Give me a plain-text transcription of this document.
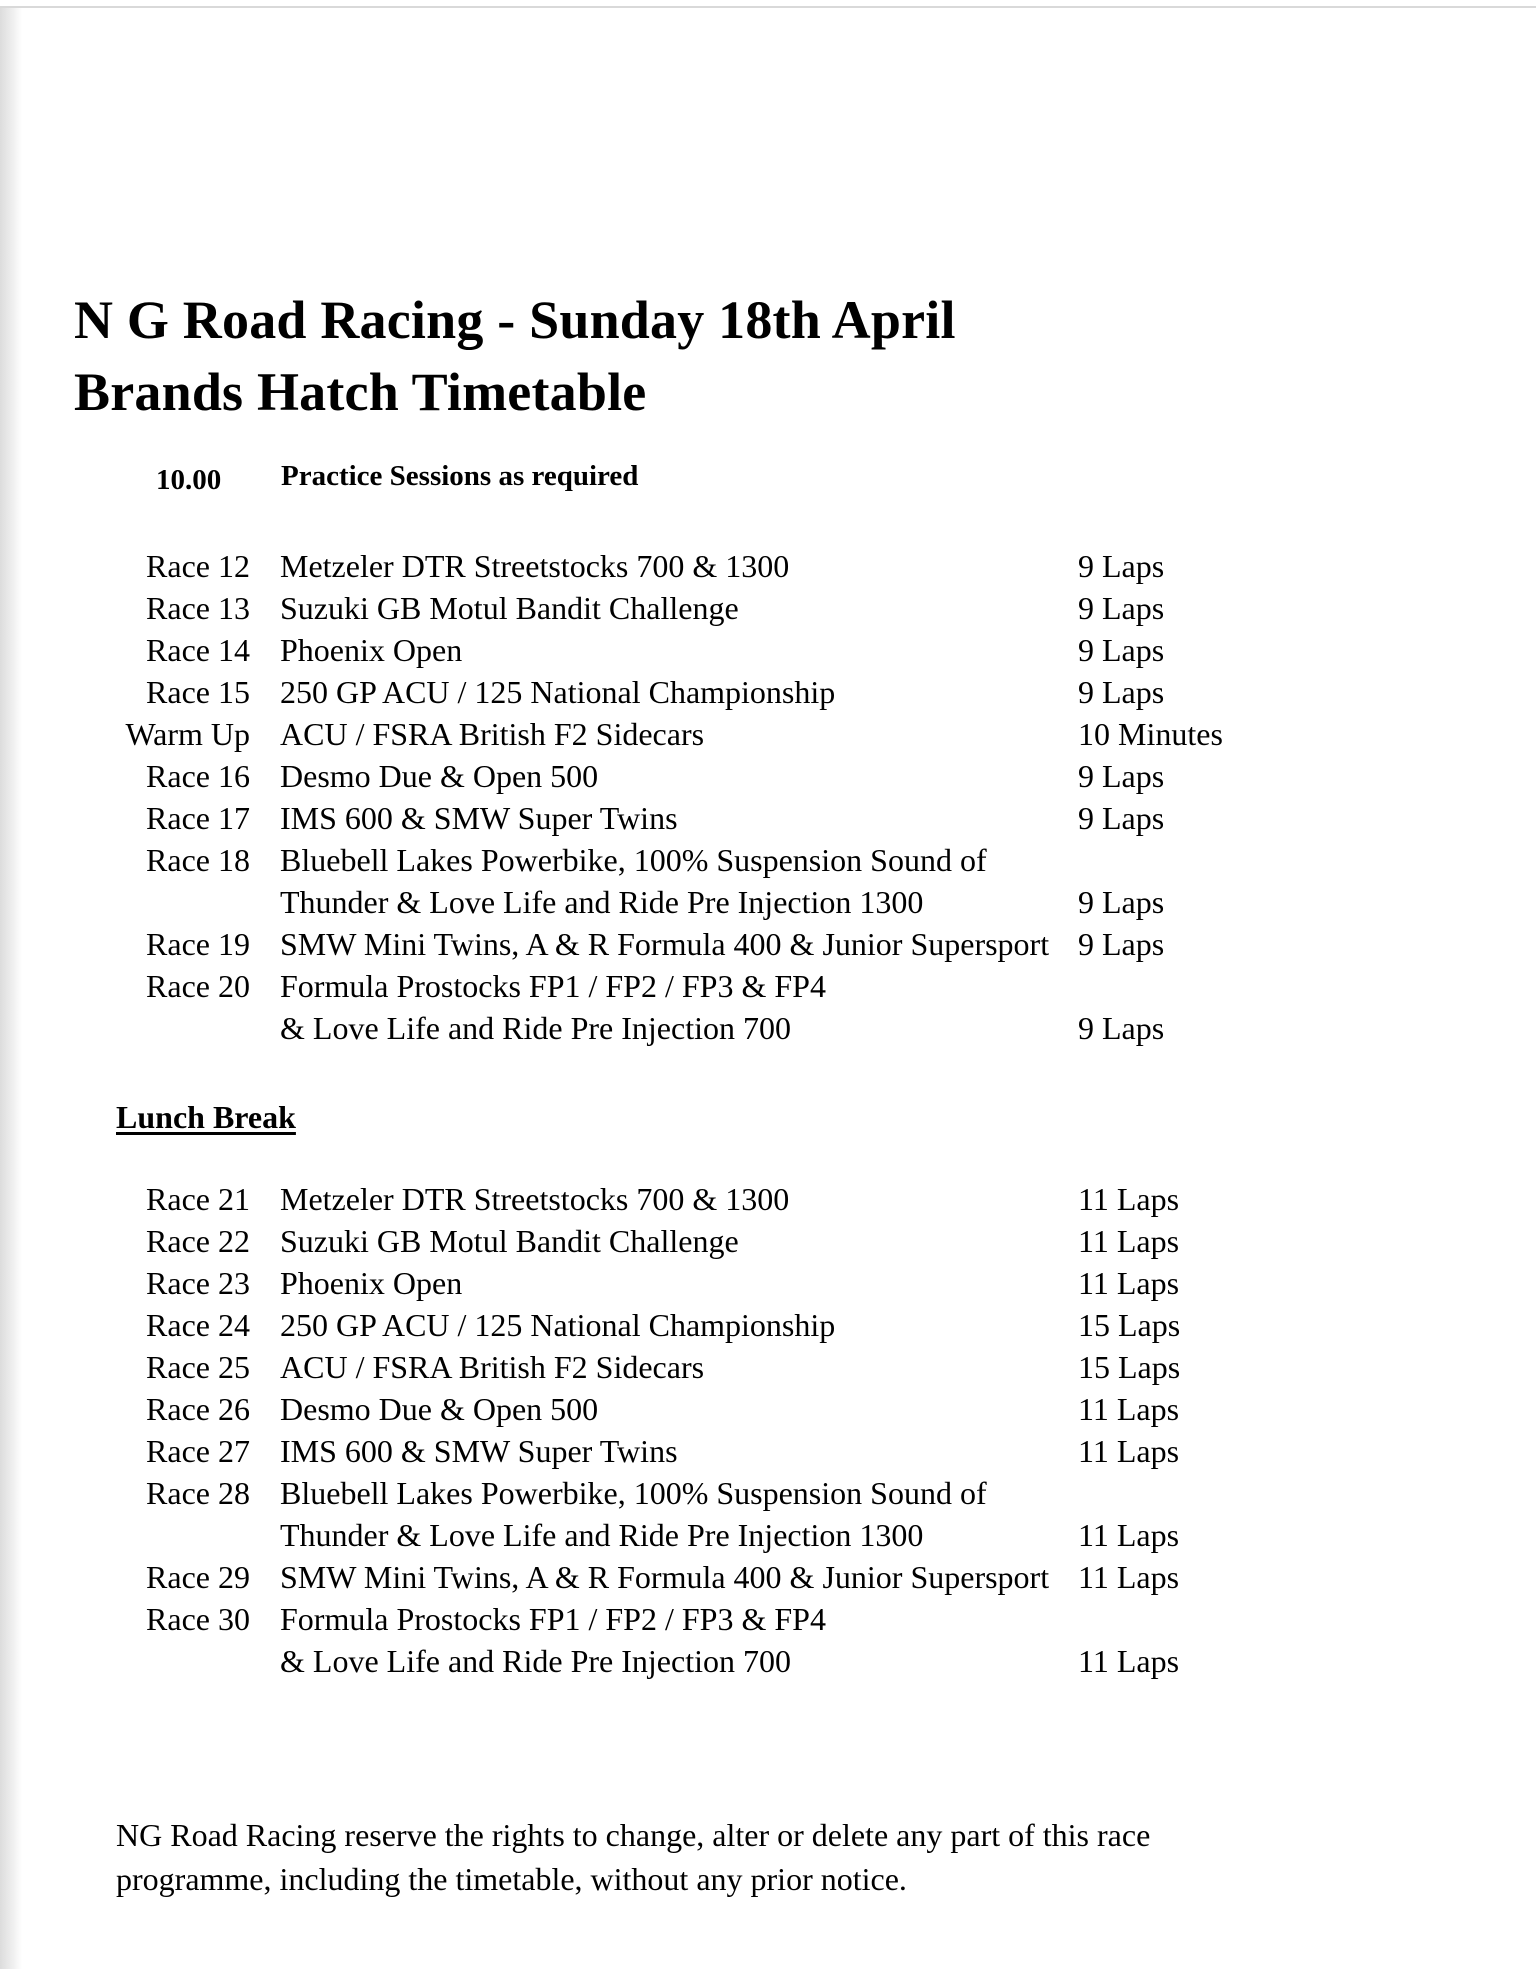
N G Road Racing - Sunday 18th April
Brands Hatch Timetable
10.00 Practice Sessions as required
Race 12 Metzeler DTR Streetstocks 700 & 1300	9 Laps
Race 13 Suzuki GB Motul Bandit Challenge	9 Laps
Race 14 Phoenix Open	9 Laps
Race 15 250 GP ACU / 125 National Championship	9 Laps
Warm Up ACU / FSRA British F2 Sidecars	10 Minutes
Race 16 Desmo Due & Open 500	9 Laps
Race 17 IMS 600 & SMW Super Twins	9 Laps
Race 18 Bluebell Lakes Powerbike, 100% Suspension Sound of
Thunder & Love Life and Ride Pre Injection 1300	9 Laps
Race 19 SMW Mini Twins, A & R Formula 400 & Junior Supersport 9 Laps
Race 20 Formula Prostocks FP1 / FP2 / FP3 & FP4
& Love Life and Ride Pre Injection 700	9 Laps
Lunch Break
Race 21 Metzeler DTR Streetstocks 700 & 1300	11 Laps
Race 22 Suzuki GB Motul Bandit Challenge	11 Laps
Race 23 Phoenix Open	11 Laps
Race 24 250 GP ACU / 125 National Championship	15 Laps
Race 25 ACU / FSRA British F2 Sidecars	15 Laps
Race 26 Desmo Due & Open 500	11 Laps
Race 27 IMS 600 & SMW Super Twins	11 Laps
Race 28 Bluebell Lakes Powerbike, 100% Suspension Sound of
Thunder & Love Life and Ride Pre Injection 1300	11 Laps
Race 29 SMW Mini Twins, A & R Formula 400 & Junior Supersport 11 Laps
Race 30 Formula Prostocks FP1 / FP2 / FP3 & FP4
& Love Life and Ride Pre Injection 700	11 Laps

NG Road Racing reserve the rights to change, alter or delete any part of this race
programme, including the timetable, without any prior notice.
